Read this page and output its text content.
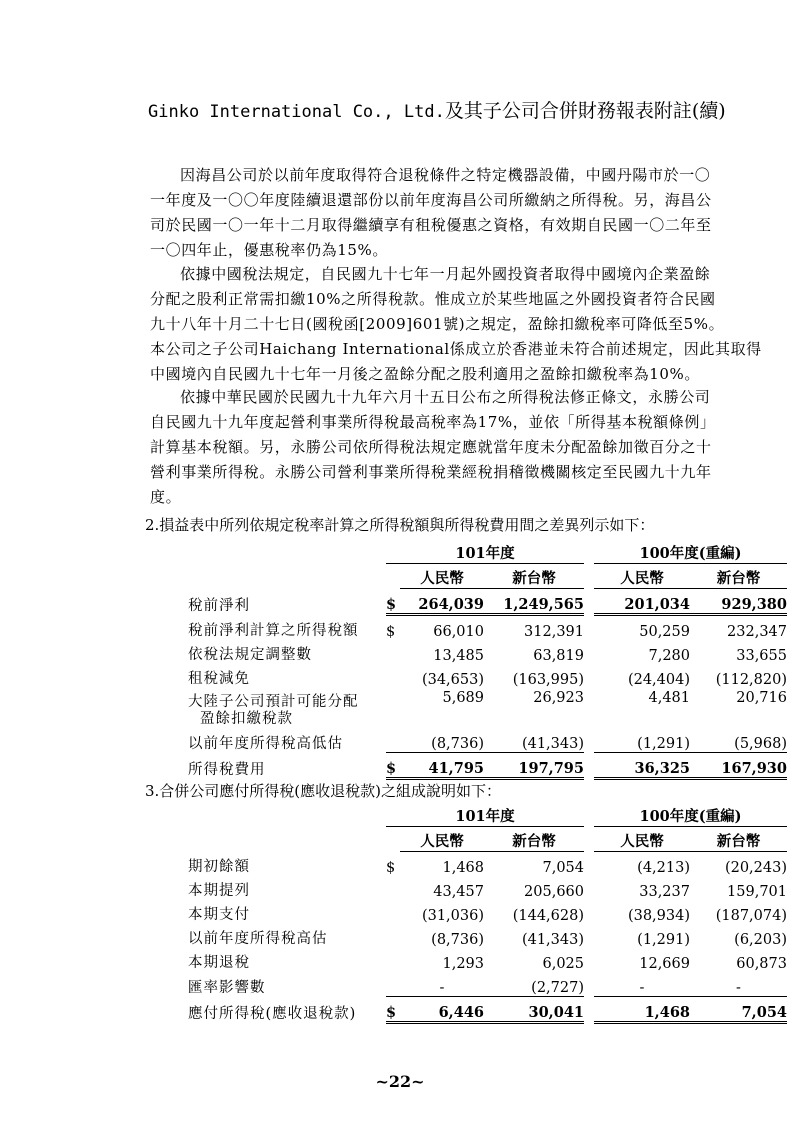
Ginko International Co., Ltd.及其子公司合併財務報表附註(續)
因海昌公司於以前年度取得符合退稅條件之特定機器設備，中國丹陽市於一〇
一年度及一〇〇年度陸續退還部份以前年度海昌公司所繳納之所得稅。另，海昌公
司於民國一〇一年十二月取得繼續享有租稅優惠之資格，有效期自民國一〇二年至
一〇四年止，優惠稅率仍為15%。
依據中國稅法規定，自民國九十七年一月起外國投資者取得中國境內企業盈餘
分配之股利正常需扣繳10%之所得稅款。惟成立於某些地區之外國投資者符合民國
九十八年十月二十七日(國稅函[2009]601號)之規定，盈餘扣繳稅率可降低至5%。
本公司之子公司Haichang International係成立於香港並未符合前述規定，因此其取得
中國境內自民國九十七年一月後之盈餘分配之股利適用之盈餘扣繳稅率為10%。
依據中華民國於民國九十九年六月十五日公布之所得稅法修正條文，永勝公司
自民國九十九年度起營利事業所得稅最高稅率為17%，並依「所得基本稅額條例」
計算基本稅額。另，永勝公司依所得稅法規定應就當年度未分配盈餘加徵百分之十
營利事業所得稅。永勝公司營利事業所得稅業經稅捐稽徵機關核定至民國九十九年
度。
2.損益表中所列依規定稅率計算之所得稅額與所得稅費用間之差異列示如下：
	101年度				100年度(重編)	
		人民幣	新台幣		人民幣	新台幣
稅前淨利	$	264,039	1,249,565		201,034	929,380
稅前淨利計算之所得稅額	$	66,010	312,391		50,259	232,347
依稅法規定調整數		13,485	63,819		7,280	33,655
租稅減免		(34,653)	(163,995)		(24,404)	(112,820)

大陸子公司預計可能分配
盈餘扣繳稅款		5,689	26,923		4,481	20,716
以前年度所得稅高低估		(8,736)	(41,343)		(1,291)	(5,968)
所得稅費用	$	41,795	197,795		36,325	167,930
3.合併公司應付所得稅(應收退稅款)之組成說明如下：
	101年度				100年度(重編)	
		人民幣	新台幣		人民幣	新台幣
期初餘額	$	1,468	7,054		(4,213)	(20,243)
本期提列		43,457	205,660		33,237	159,701
本期支付		(31,036)	(144,628)		(38,934)	(187,074)
以前年度所得稅高估		(8,736)	(41,343)		(1,291)	(6,203)
本期退稅		1,293	6,025		12,669	60,873
匯率影響數		-	(2,727)		-	-
應付所得稅(應收退稅款)	$	6,446	30,041		1,468	7,054
~22~
